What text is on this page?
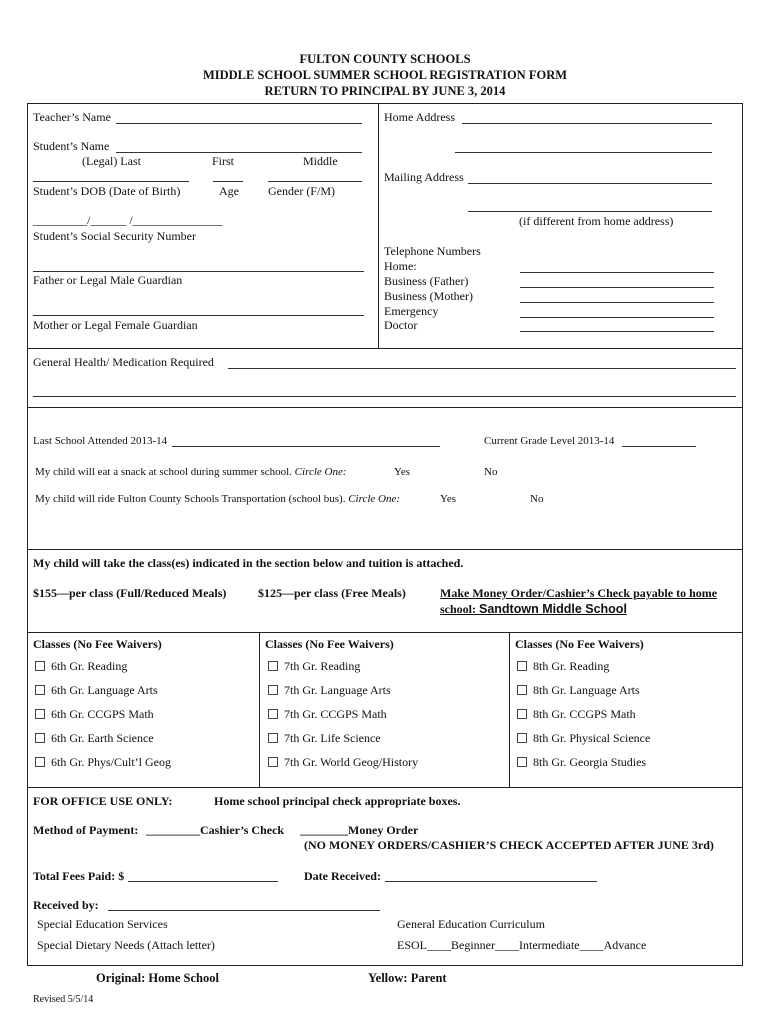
FULTON COUNTY SCHOOLS
MIDDLE SCHOOL SUMMER SCHOOL REGISTRATION FORM
RETURN TO PRINCIPAL BY JUNE 3, 2014
Teacher’s Name
Student’s Name
(Legal) Last	First	Middle
Student’s DOB (Date of Birth)	Age Gender (F/M)
_________/______ /_______________
Student’s Social Security Number
Father or Legal Male Guardian
Mother or Legal Female Guardian
Home Address
Mailing Address
(if different from home address)
Telephone Numbers
Home:
Business (Father)
Business (Mother)
Emergency
Doctor
General Health/ Medication Required
Last School Attended 2013-14	Current Grade Level 2013-14
My child will eat a snack at school during summer school. Circle One:	Yes	No
My child will ride Fulton County Schools Transportation (school bus). Circle One:	Yes	No
My child will take the class(es) indicated in the section below and tuition is attached.
$155—per class (Full/Reduced Meals)	$125—per class (Free Meals)	Make Money Order/Cashier’s Check payable to home
school: Sandtown Middle School
Classes (No Fee Waivers)	Classes (No Fee Waivers)	Classes (No Fee Waivers)
6th Gr. Reading
6th Gr. Language Arts
6th Gr. CCGPS Math
6th Gr. Earth Science
6th Gr. Phys/Cult’l Geog
7th Gr. Reading
7th Gr. Language Arts
7th Gr. CCGPS Math
7th Gr. Life Science
7th Gr. World Geog/History
8th Gr. Reading
8th Gr. Language Arts
8th Gr. CCGPS Math
8th Gr. Physical Science
8th Gr. Georgia Studies
FOR OFFICE USE ONLY:	Home school principal check appropriate boxes.
Method of Payment: _________Cashier’s Check ________Money Order
(NO MONEY ORDERS/CASHIER’S CHECK ACCEPTED AFTER JUNE 3rd)
Total Fees Paid: $	Date Received:
Received by:
Special Education Services	General Education Curriculum
Special Dietary Needs (Attach letter)	ESOL____Beginner____Intermediate____Advance
Original: Home School	Yellow: Parent
Revised 5/5/14
